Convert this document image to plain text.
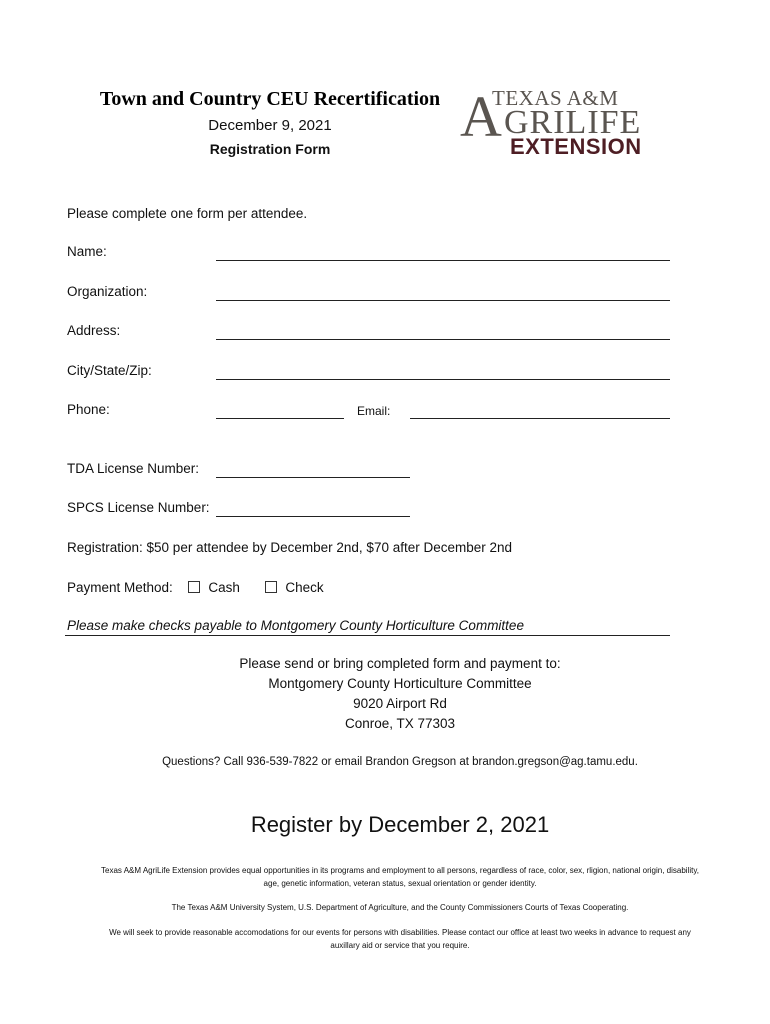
Town and Country CEU Recertification
December 9, 2021
Registration Form
TEXAS A&M
A GRILIFE
EXTENSION
Please complete one form per attendee.
Name:
Organization:
Address:
City/State/Zip:
Phone:	Email:
TDA License Number:
SPCS License Number:
Registration: $50 per attendee by December 2nd, $70 after December 2nd
Payment Method:	Cash	Check
Please make checks payable to Montgomery County Horticulture Committee
Please send or bring completed form and payment to:
Montgomery County Horticulture Committee
9020 Airport Rd
Conroe, TX 77303
Questions? Call 936-539-7822 or email Brandon Gregson at brandon.gregson@ag.tamu.edu.
Register by December 2, 2021
Texas A&M AgriLife Extension provides equal opportunities in its programs and employment to all persons, regardless of race, color, sex, rligion, national origin, disability,
age, genetic information, veteran status, sexual orientation or gender identity.
The Texas A&M University System, U.S. Department of Agriculture, and the County Commissioners Courts of Texas Cooperating.
We will seek to provide reasonable accomodations for our events for persons with disabilities. Please contact our office at least two weeks in advance to request any
auxillary aid or service that you require.
